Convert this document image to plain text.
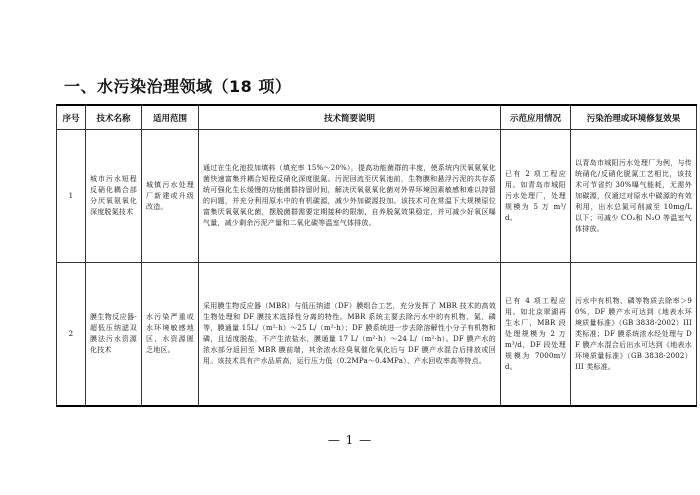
一、水污染治理领域（18 项）
序号	技术名称	适用范围	技术简要说明	示范应用情况	污染治理或环境修复效果
1	城市污水短程反硝化耦合部分厌氧氨氧化深度脱氮技术	城镇污水处理厂新建或升级改造。	通过在生化池投加填料（填充率 15%～20%），提高功能菌群的丰度，使系统内厌氧氨氧化菌快速富集并耦合短程反硝化深度脱氮。污泥回流至厌氧池前，生物膜和悬浮污泥的共存系统可强化生长缓慢的功能菌群持留时间，解决厌氧氨氧化菌对外界环境因素敏感和难以持留的问题，并充分利用原水中的有机碳源，减少外加碳源投加。该技术可在常温下大规模原位富集厌氧氨氧化菌，摆脱菌群需要定期接种的限制，自养脱氮效果稳定，并可减少好氧区曝气量，减少剩余污泥产量和二氧化碳等温室气体排放。	已有 2 项工程应用。如青岛市城阳污水处理厂，处理规模为 5 万 m³/d。	以青岛市城阳污水处理厂为例，与传统硝化/反硝化脱氮工艺相比，该技术可节省约 30%曝气能耗，无需外加碳源，仅通过对原水中碳源的有效利用，出水总氮可削减至 10mg/L 以下；可减少 CO₂和 N₂O 等温室气体排放。
2	膜生物反应器-超低压纳滤双膜法污水资源化技术	水污染严重或水环境敏感地区、水资源匮乏地区。	采用膜生物反应器（MBR）与低压纳滤（DF）膜组合工艺，充分发挥了 MBR 技术的高效生物处理和 DF 膜技术选择性分离的特性。MBR 系统主要去除污水中的有机物、氮、磷等，膜通量 15L/（m²·h）～25 L/（m²·h）；DF 膜系统进一步去除溶解性小分子有机物和磷，且适度脱盐，不产生浓盐水，膜通量 17 L/（m²·h）～24 L/（m²·h）。DF 膜产水的浓水部分返回至 MBR 膜前端，其余浓水经臭氧催化氧化后与 DF 膜产水混合后排放或回用。该技术具有产水品质高，运行压力低（0.2MPa～0.4MPa）、产水回收率高等特点。	已有 4 项工程应用。如北京翠湖再生水厂，MBR 段处理规模为 2 万 m³/d，DF 段处理规模为 7000m³/d。	污水中有机物、磷等物质去除率＞90%，DF 膜产水可达到《地表水环境质量标准》（GB 3838-2002）III 类标准；DF 膜系统浓水经处理与 DF 膜产水混合后出水可达到《地表水环境质量标准》（GB 3838-2002）III 类标准。
— 1 —
